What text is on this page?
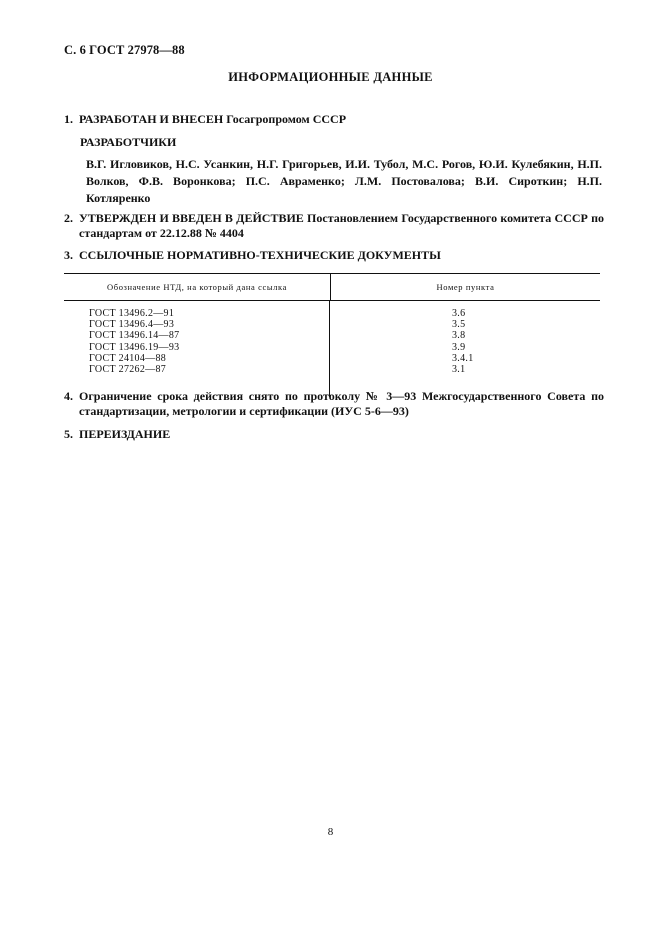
С. 6 ГОСТ 27978—88
ИНФОРМАЦИОННЫЕ ДАННЫЕ
1. РАЗРАБОТАН И ВНЕСЕН Госагропромом СССР
РАЗРАБОТЧИКИ
В.Г. Игловиков, Н.С. Усанкин, Н.Г. Григорьев, И.И. Тубол, М.С. Рогов, Ю.И. Кулебякин, Н.П. Волков, Ф.В. Воронкова; П.С. Авраменко; Л.М. Постовалова; В.И. Сироткин; Н.П. Котляренко
2. УТВЕРЖДЕН И ВВЕДЕН В ДЕЙСТВИЕ Постановлением Государственного комитета СССР по стандартам от 22.12.88 № 4404
3. ССЫЛОЧНЫЕ НОРМАТИВНО-ТЕХНИЧЕСКИЕ ДОКУМЕНТЫ
Обозначение НТД, на который дана ссылка	Номер пункта
ГОСТ 13496.2—91
ГОСТ 13496.4—93
ГОСТ 13496.14—87
ГОСТ 13496.19—93
ГОСТ 24104—88
ГОСТ 27262—87
3.6
3.5
3.8
3.9
3.4.1
3.1
4. Ограничение срока действия снято по протоколу № 3—93 Межгосударственного Совета по стандартизации, метрологии и сертификации (ИУС 5-6—93)
5. ПЕРЕИЗДАНИЕ
8
